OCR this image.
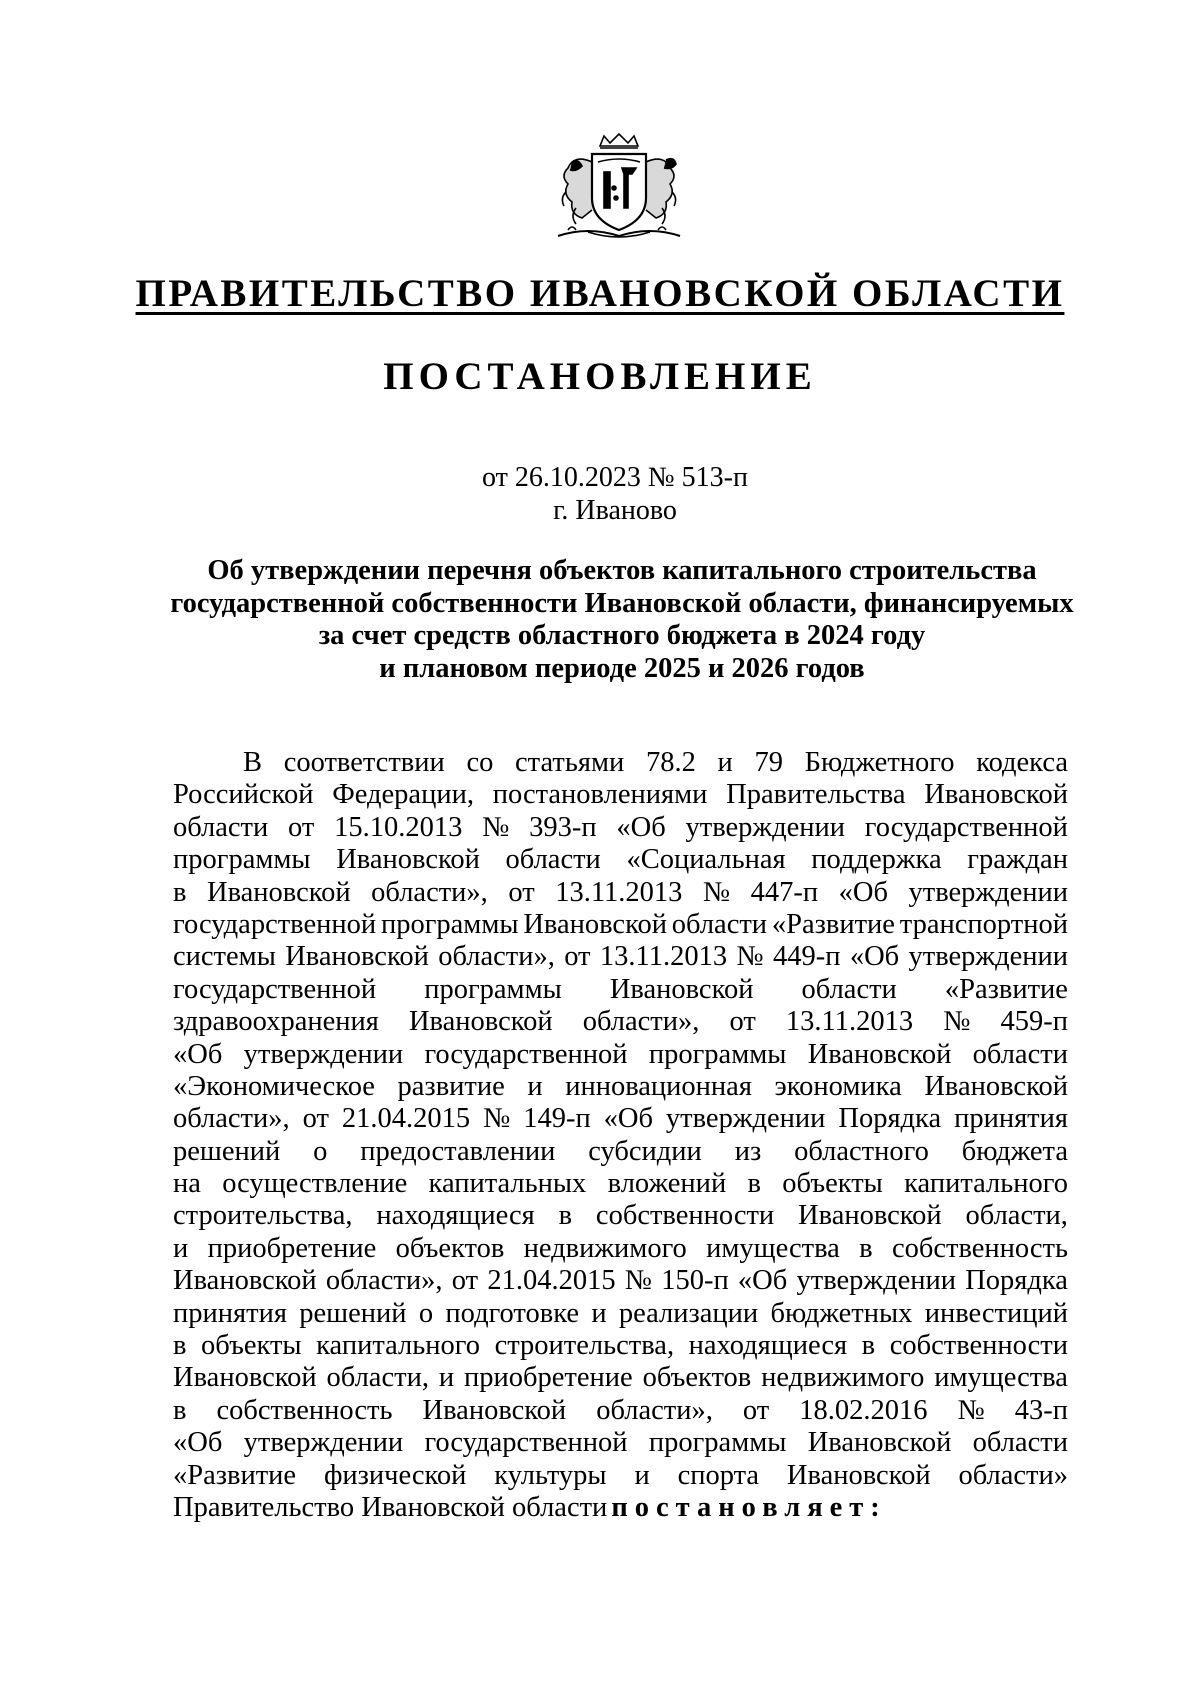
ПРАВИТЕЛЬСТВО ИВАНОВСКОЙ ОБЛАСТИ
ПОСТАНОВЛЕНИЕ
от 26.10.2023 № 513-п
г. Иваново
Об утверждении перечня объектов капитального строительства
государственной собственности Ивановской области, финансируемых
за счет средств областного бюджета в 2024 году
и плановом периоде 2025 и 2026 годов
В соответствии со статьями 78.2 и 79 Бюджетного кодекса
Российской Федерации, постановлениями Правительства Ивановской
области от 15.10.2013 № 393-п «Об утверждении государственной
программы Ивановской области «Социальная поддержка граждан
в Ивановской области», от 13.11.2013 № 447-п «Об утверждении
государственной программы Ивановской области «Развитие транспортной
системы Ивановской области», от 13.11.2013 № 449-п «Об утверждении
государственной программы Ивановской области «Развитие
здравоохранения Ивановской области», от 13.11.2013 № 459-п
«Об утверждении государственной программы Ивановской области
«Экономическое развитие и инновационная экономика Ивановской
области», от 21.04.2015 № 149-п «Об утверждении Порядка принятия
решений о предоставлении субсидии из областного бюджета
на осуществление капитальных вложений в объекты капитального
строительства, находящиеся в собственности Ивановской области,
и приобретение объектов недвижимого имущества в собственность
Ивановской области», от 21.04.2015 № 150-п «Об утверждении Порядка
принятия решений о подготовке и реализации бюджетных инвестиций
в объекты капитального строительства, находящиеся в собственности
Ивановской области, и приобретение объектов недвижимого имущества
в собственность Ивановской области», от 18.02.2016 № 43-п
«Об утверждении государственной программы Ивановской области
«Развитие физической культуры и спорта Ивановской области»
Правительство Ивановской области постановляет:
